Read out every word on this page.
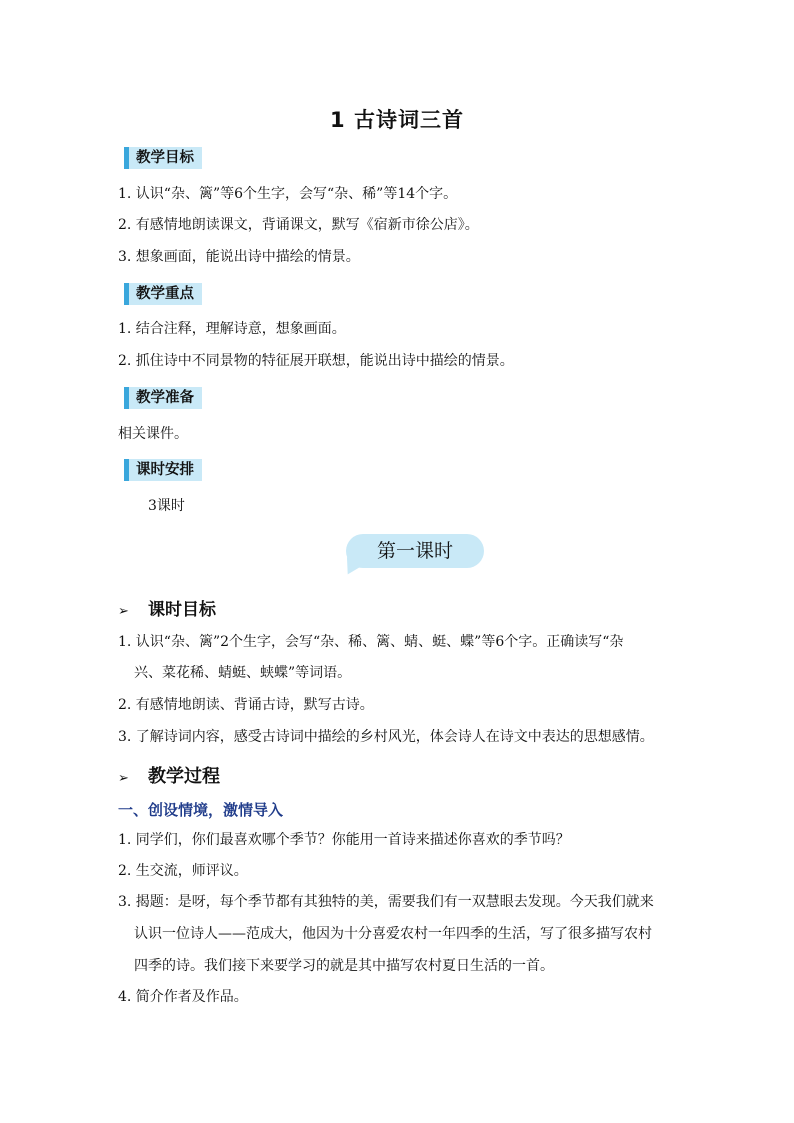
1 古诗词三首
教学目标
1. 认识“杂、篱”等6个生字，会写“杂、稀”等14个字。
2. 有感情地朗读课文，背诵课文，默写《宿新市徐公店》。
3. 想象画面，能说出诗中描绘的情景。
教学重点
1. 结合注释，理解诗意，想象画面。
2. 抓住诗中不同景物的特征展开联想，能说出诗中描绘的情景。
教学准备
相关课件。
课时安排
3课时
第一课时
➢ 课时目标
1. 认识“杂、篱”2个生字，会写“杂、稀、篱、蜻、蜓、蝶”等6个字。正确读写“杂
兴、菜花稀、蜻蜓、蛱蝶”等词语。
2. 有感情地朗读、背诵古诗，默写古诗。
3. 了解诗词内容，感受古诗词中描绘的乡村风光，体会诗人在诗文中表达的思想感情。
➢ 教学过程
一、创设情境，激情导入
1. 同学们，你们最喜欢哪个季节？你能用一首诗来描述你喜欢的季节吗？
2. 生交流，师评议。
3. 揭题：是呀，每个季节都有其独特的美，需要我们有一双慧眼去发现。今天我们就来
认识一位诗人——范成大，他因为十分喜爱农村一年四季的生活，写了很多描写农村
四季的诗。我们接下来要学习的就是其中描写农村夏日生活的一首。
4. 简介作者及作品。
